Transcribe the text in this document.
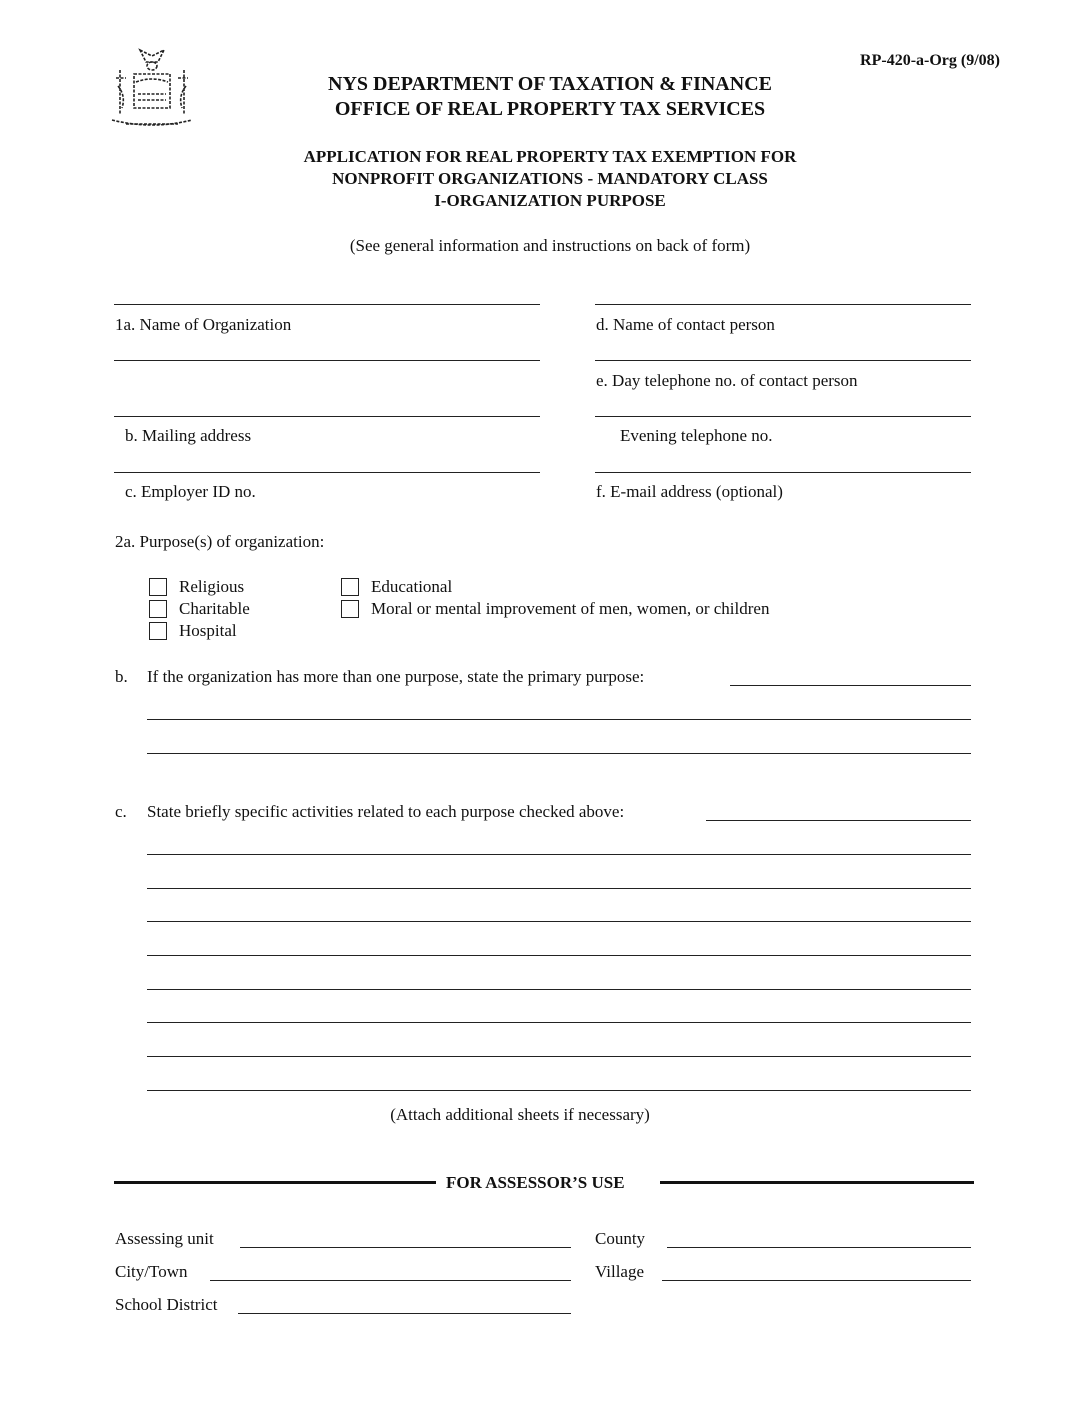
RP-420-a-Org (9/08)
NYS DEPARTMENT OF TAXATION & FINANCE
OFFICE OF REAL PROPERTY TAX SERVICES
APPLICATION FOR REAL PROPERTY TAX EXEMPTION FOR
NONPROFIT ORGANIZATIONS - MANDATORY CLASS
I-ORGANIZATION PURPOSE
(See general information and instructions on back of form)
1a. Name of Organization
b. Mailing address
c. Employer ID no.
d. Name of contact person
e. Day telephone no. of contact person
Evening telephone no.
f. E-mail address (optional)
2a. Purpose(s) of organization:
Religious
Charitable
Hospital
Educational
Moral or mental improvement of men, women, or children
b. If the organization has more than one purpose, state the primary purpose:
c. State briefly specific activities related to each purpose checked above:
(Attach additional sheets if necessary)
FOR ASSESSOR’S USE
Assessing unit	County
City/Town	Village
School District
